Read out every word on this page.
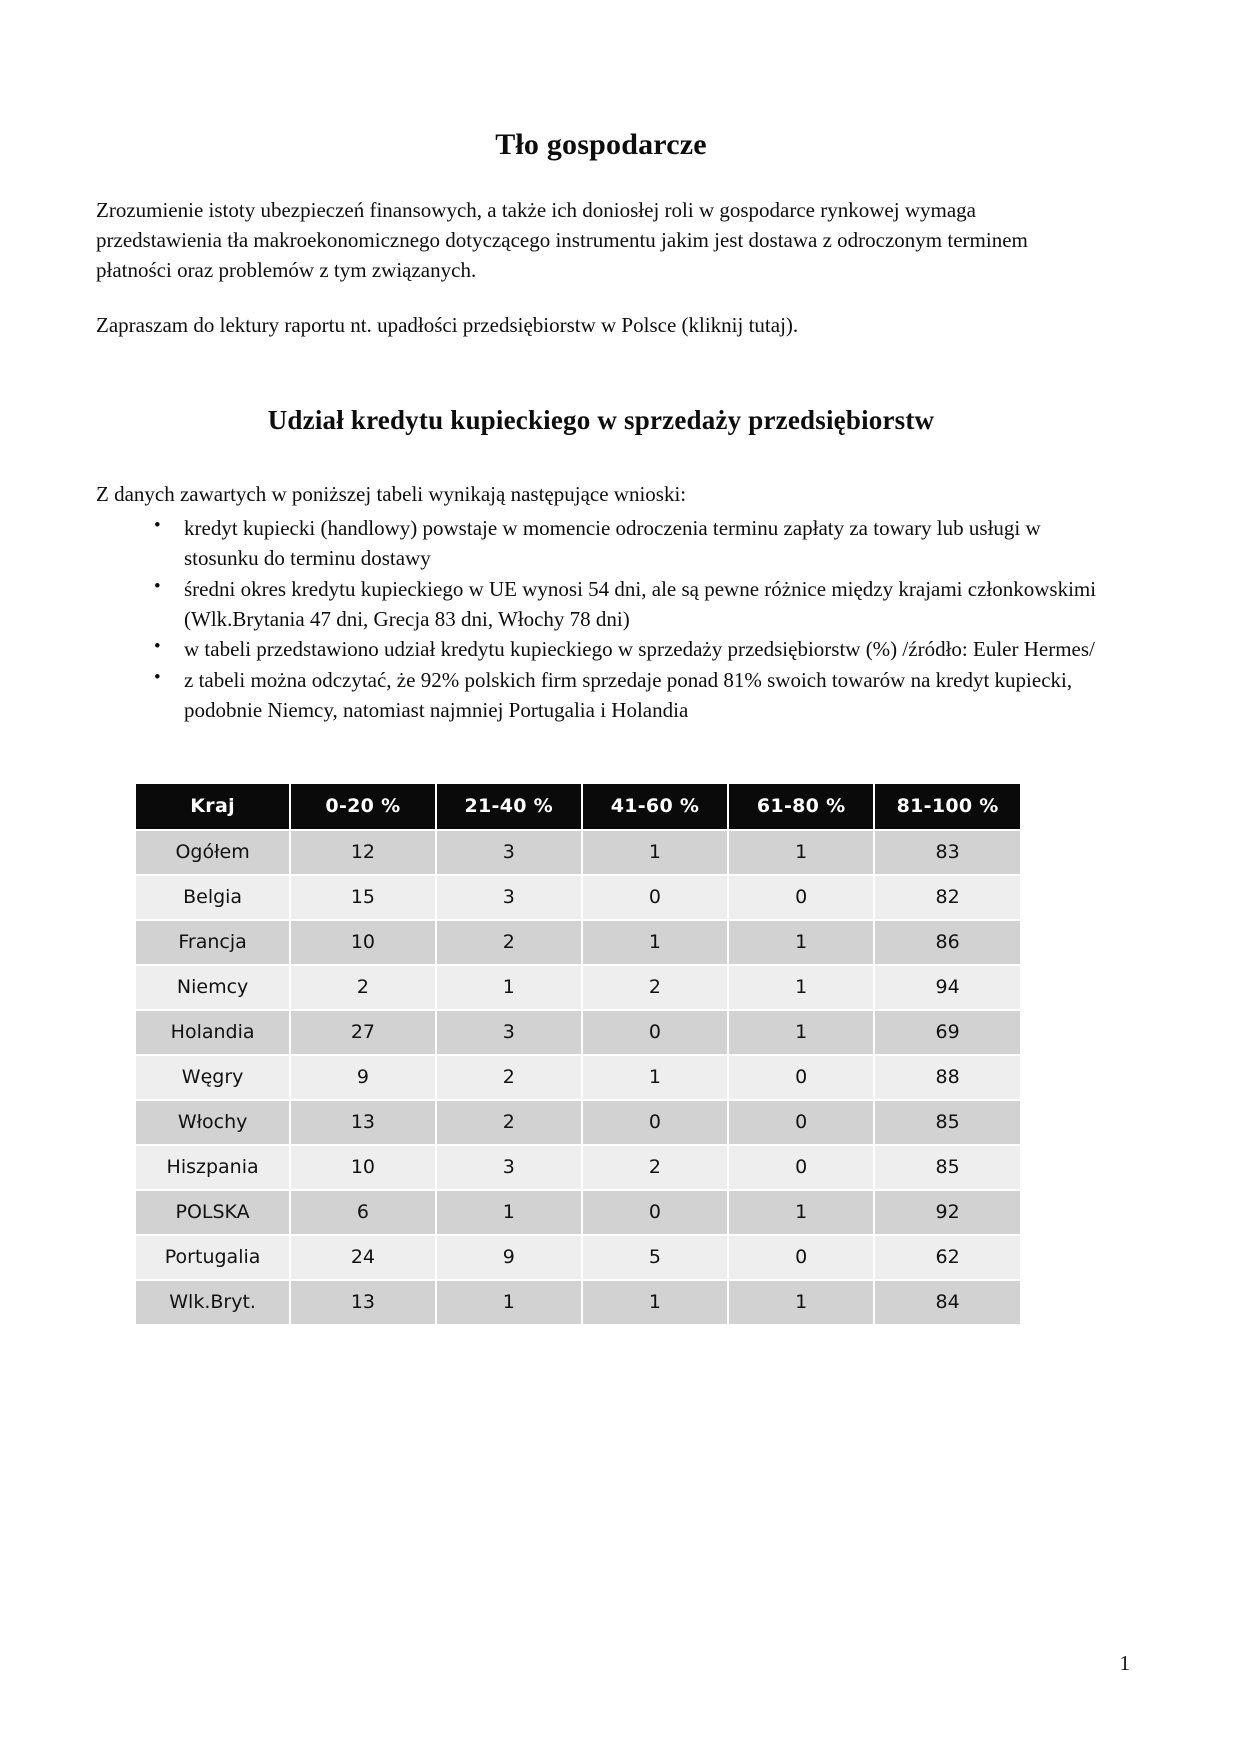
Tło gospodarcze

Zrozumienie istoty ubezpieczeń finansowych, a także ich doniosłej roli w gospodarce rynkowej wymaga przedstawienia tła makroekonomicznego dotyczącego instrumentu jakim jest dostawa z odroczonym terminem płatności oraz problemów z tym związanych.

Zapraszam do lektury raportu nt. upadłości przedsiębiorstw w Polsce (kliknij tutaj).

Udział kredytu kupieckiego w sprzedaży przedsiębiorstw

Z danych zawartych w poniższej tabeli wynikają następujące wnioski:

• kredyt kupiecki (handlowy) powstaje w momencie odroczenia terminu zapłaty za towary lub usługi w stosunku do terminu dostawy
• średni okres kredytu kupieckiego w UE wynosi 54 dni, ale są pewne różnice między krajami członkowskimi (Wlk.Brytania 47 dni, Grecja 83 dni, Włochy 78 dni)
• w tabeli przedstawiono udział kredytu kupieckiego w sprzedaży przedsiębiorstw (%) /źródło: Euler Hermes/
• z tabeli można odczytać, że 92% polskich firm sprzedaje ponad 81% swoich towarów na kredyt kupiecki, podobnie Niemcy, natomiast najmniej Portugalia i Holandia
Kraj	0-20 %	21-40 %	41-60 %	61-80 %	81-100 %
Ogółem	12	3	1	1	83
Belgia	15	3	0	0	82
Francja	10	2	1	1	86
Niemcy	2	1	2	1	94
Holandia	27	3	0	1	69
Węgry	9	2	1	0	88
Włochy	13	2	0	0	85
Hiszpania	10	3	2	0	85
POLSKA	6	1	0	1	92
Portugalia	24	9	5	0	62
Wlk.Bryt.	13	1	1	1	84
1
